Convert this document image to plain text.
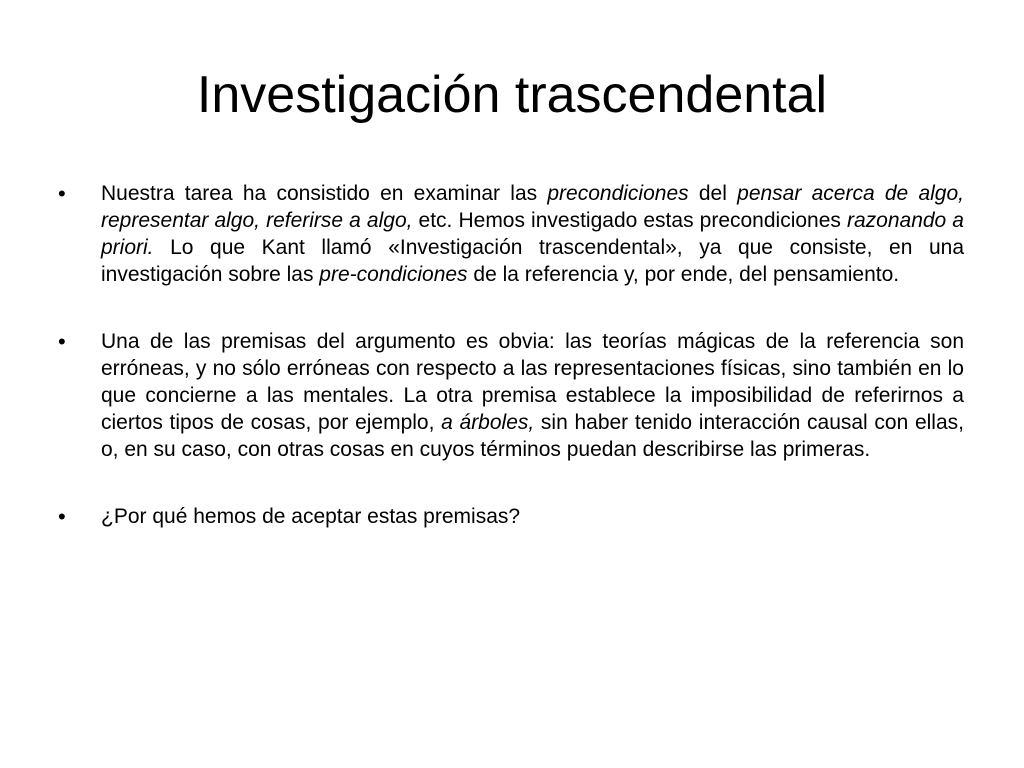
Investigación trascendental
•	Nuestra tarea ha consistido en examinar las precondiciones del pensar acerca de algo, representar algo, referirse a algo, etc. Hemos investigado estas precondiciones razonando a priori. Lo que Kant llamó «Investigación trascendental», ya que consiste, en una investigación sobre las pre-condiciones de la referencia y, por ende, del pensamiento.
•	Una de las premisas del argumento es obvia: las teorías mágicas de la referencia son erróneas, y no sólo erróneas con respecto a las representaciones físicas, sino también en lo que concierne a las mentales. La otra premisa establece la imposibilidad de referirnos a ciertos tipos de cosas, por ejemplo, a árboles, sin haber tenido interacción causal con ellas, o, en su caso, con otras cosas en cuyos términos puedan describirse las primeras.
•	¿Por qué hemos de aceptar estas premisas?
